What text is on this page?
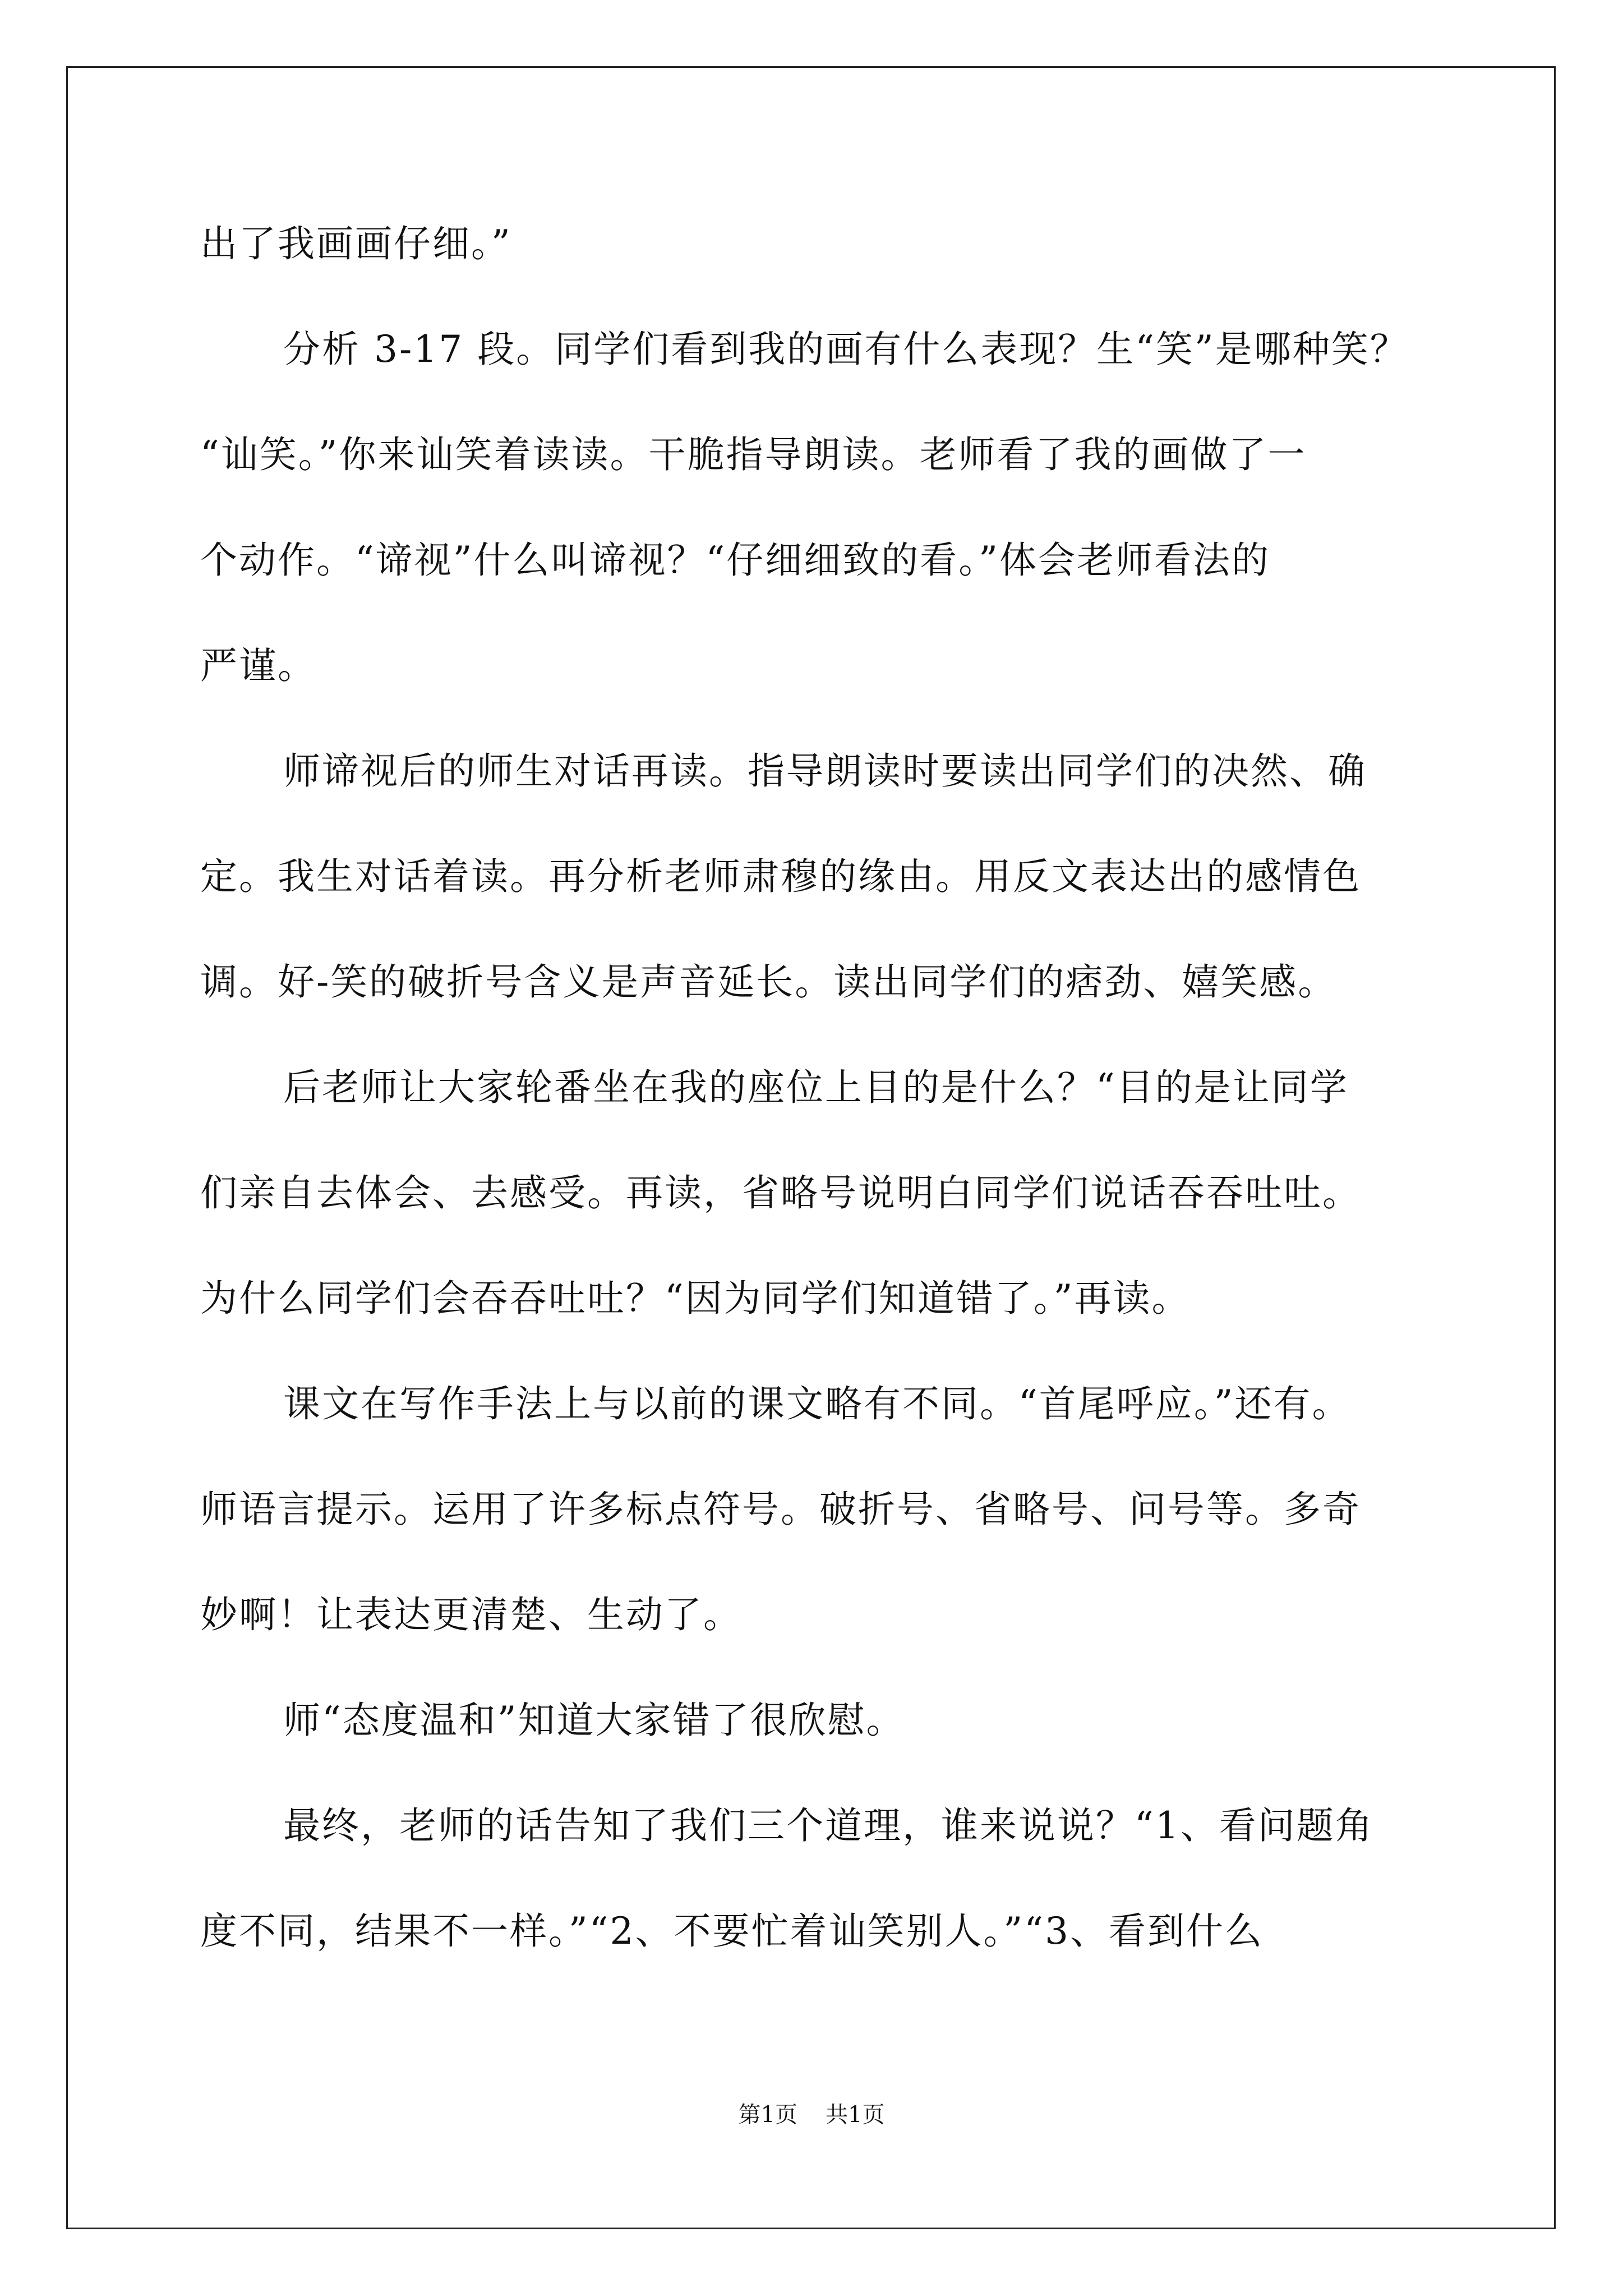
出了我画画仔细。”

分析 3-17 段。同学们看到我的画有什么表现？生“笑”是哪种笑？

“讪笑。”你来讪笑着读读。干脆指导朗读。老师看了我的画做了一

个动作。“谛视”什么叫谛视？“仔细细致的看。”体会老师看法的

严谨。

师谛视后的师生对话再读。指导朗读时要读出同学们的决然、确

定。我生对话着读。再分析老师肃穆的缘由。用反文表达出的感情色

调。好-笑的破折号含义是声音延长。读出同学们的痞劲、嬉笑感。

后老师让大家轮番坐在我的座位上目的是什么？“目的是让同学

们亲自去体会、去感受。再读，省略号说明白同学们说话吞吞吐吐。

为什么同学们会吞吞吐吐？“因为同学们知道错了。”再读。

课文在写作手法上与以前的课文略有不同。“首尾呼应。”还有。

师语言提示。运用了许多标点符号。破折号、省略号、问号等。多奇

妙啊！让表达更清楚、生动了。

师“态度温和”知道大家错了很欣慰。

最终，老师的话告知了我们三个道理，谁来说说？“1、看问题角

度不同，结果不一样。”“2、不要忙着讪笑别人。”“3、看到什么

第1页 共1页
